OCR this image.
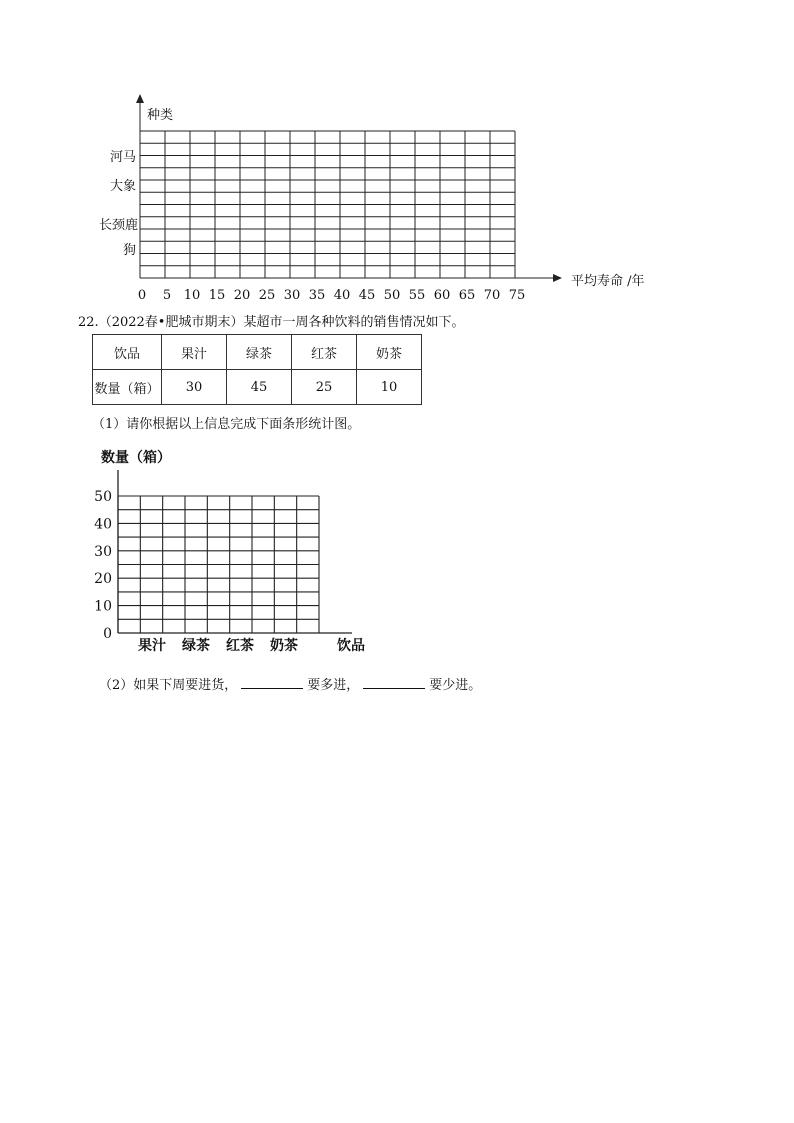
种类
平均寿命 /年
河马
大象
长颈鹿
狗
0 5 10 15 20 25 30 35 40 45 50 55 60 65 70 75
22.（2022春•肥城市期末）某超市一周各种饮料的销售情况如下。
饮品	果汁	绿茶	红茶	奶茶
数量（箱）	30	45	25	10
（1）请你根据以上信息完成下面条形统计图。
数量（箱）
50
40
30
20
10
0
果汁 绿茶 红茶 奶茶	饮品
（2）如果下周要进货，	要多进，	要少进。
